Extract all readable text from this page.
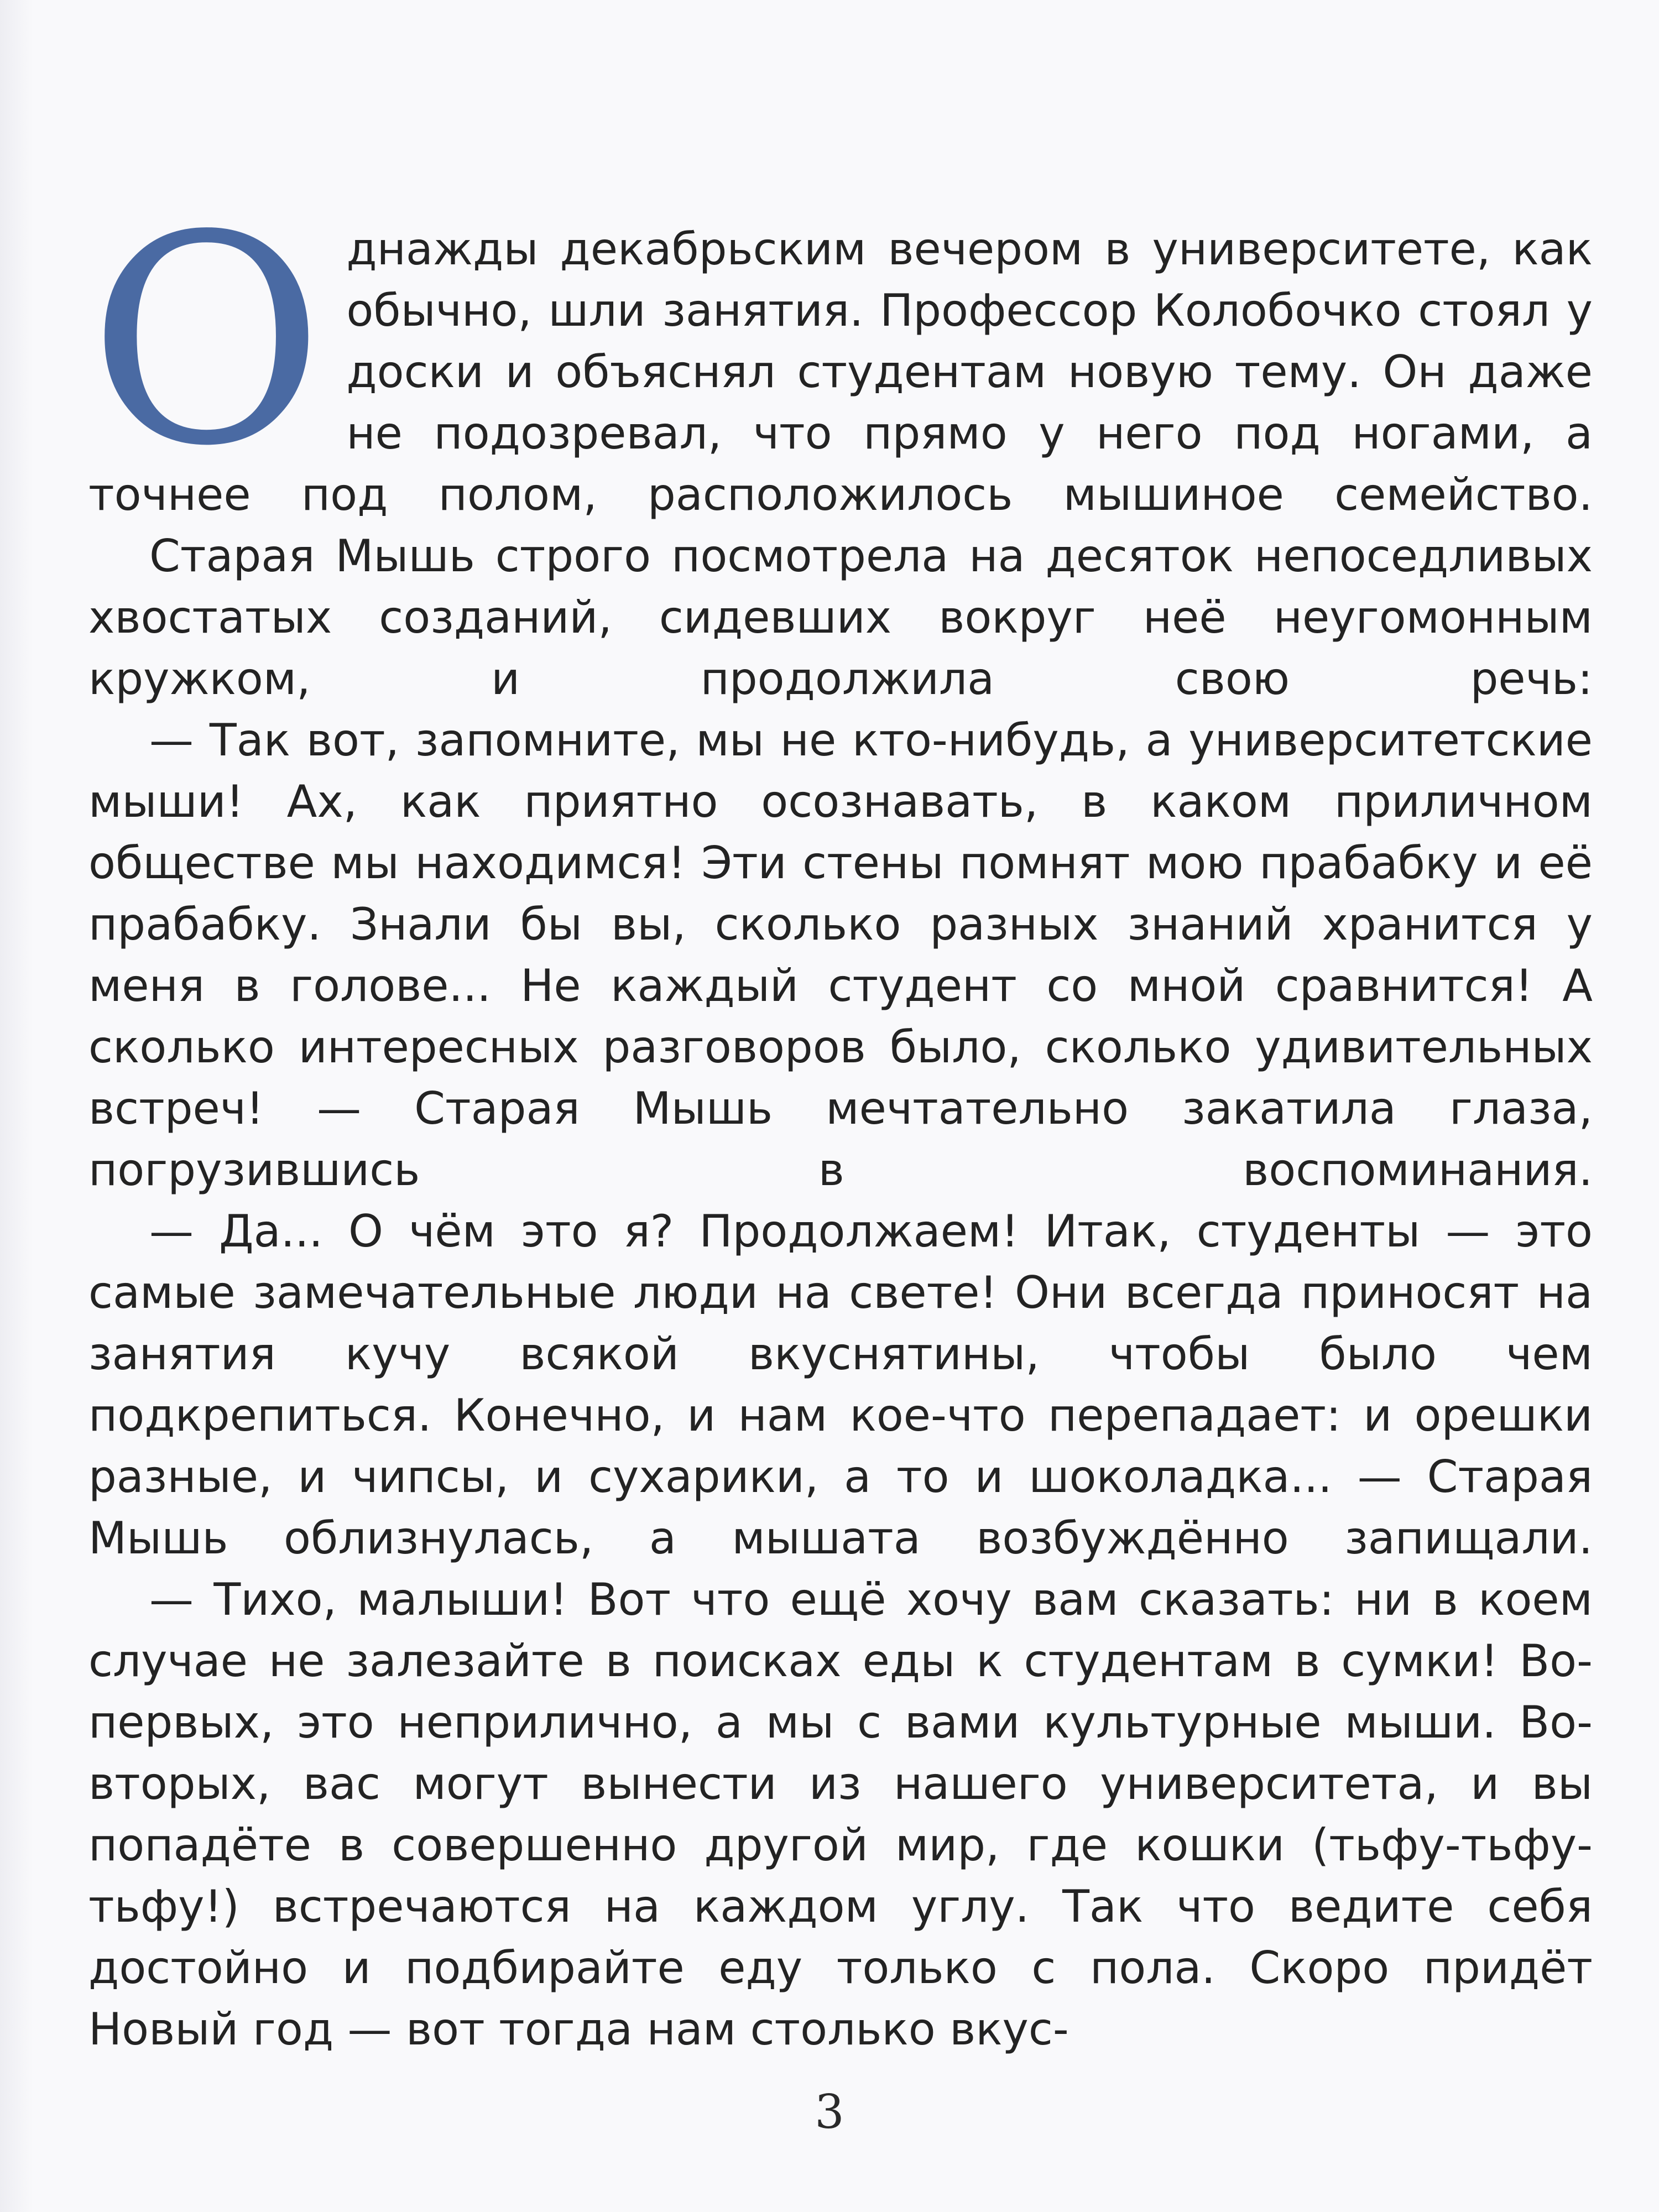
Однажды декабрьским вечером в университете, как обычно, шли занятия. Профессор Колобочко стоял у доски и объяснял студентам новую тему. Он даже не подозревал, что прямо у него под ногами, а точнее под полом, расположилось мышиное семейство.

Старая Мышь строго посмотрела на десяток непоседливых хвостатых созданий, сидевших вокруг неё неугомонным кружком, и продолжила свою речь:

— Так вот, запомните, мы не кто-нибудь, а университетские мыши! Ах, как приятно осознавать, в каком приличном обществе мы находимся! Эти стены помнят мою прабабку и её прабабку. Знали бы вы, сколько разных знаний хранится у меня в голове... Не каждый студент со мной сравнится! А сколько интересных разговоров было, сколько удивительных встреч! — Старая Мышь мечтательно закатила глаза, погрузившись в воспоминания.

— Да... О чём это я? Продолжаем! Итак, студенты — это самые замечательные люди на свете! Они всегда приносят на занятия кучу всякой вкуснятины, чтобы было чем подкрепиться. Конечно, и нам кое-что перепадает: и орешки разные, и чипсы, и сухарики, а то и шоколадка... — Старая Мышь облизнулась, а мышата возбуждённо запищали.

— Тихо, малыши! Вот что ещё хочу вам сказать: ни в коем случае не залезайте в поисках еды к студентам в сумки! Во-первых, это неприлично, а мы с вами культурные мыши. Во-вторых, вас могут вынести из нашего университета, и вы попадёте в совершенно другой мир, где кошки (тьфу-тьфу-тьфу!) встречаются на каждом углу. Так что ведите себя достойно и подбирайте еду только с пола. Скоро придёт Новый год — вот тогда нам столько вкус-

3
